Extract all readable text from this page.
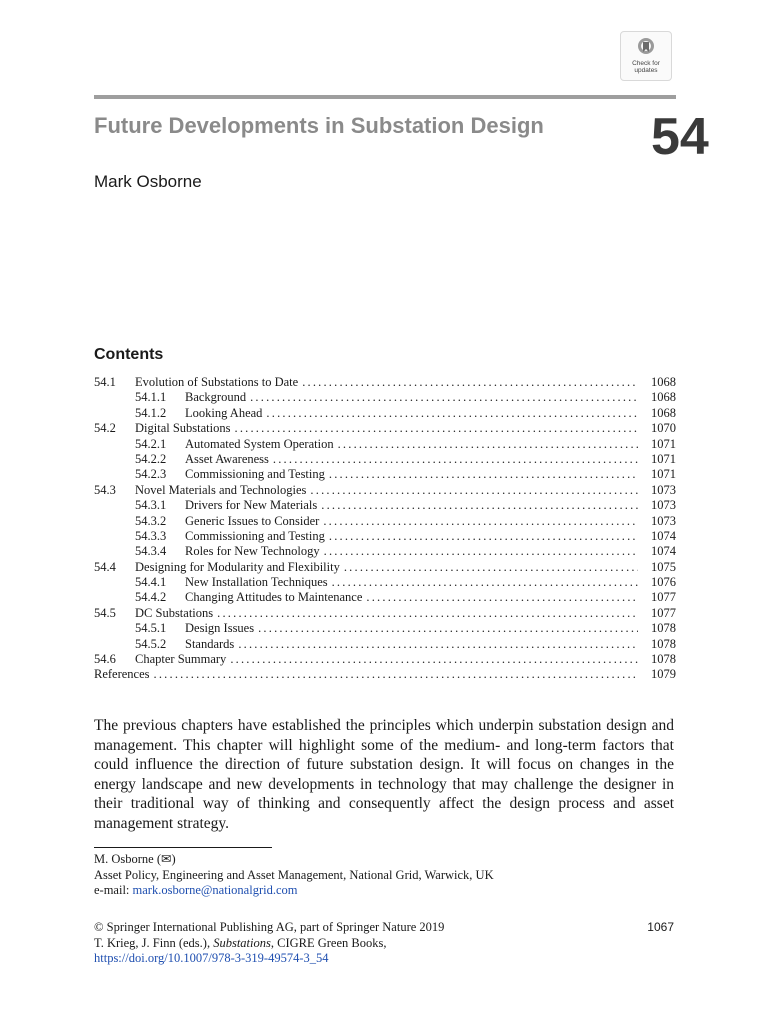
Check for
updates
Future Developments in Substation Design 54
Mark Osborne
Contents
54.1	Evolution of Substations to Date .....	1068
54.1.1	Background .....	1068
54.1.2	Looking Ahead .....	1068
54.2	Digital Substations .....	1070
54.2.1	Automated System Operation .....	1071
54.2.2	Asset Awareness .....	1071
54.2.3	Commissioning and Testing .....	1071
54.3	Novel Materials and Technologies .....	1073
54.3.1	Drivers for New Materials .....	1073
54.3.2	Generic Issues to Consider .....	1073
54.3.3	Commissioning and Testing .....	1074
54.3.4	Roles for New Technology .....	1074
54.4	Designing for Modularity and Flexibility .....	1075
54.4.1	New Installation Techniques .....	1076
54.4.2	Changing Attitudes to Maintenance .....	1077
54.5	DC Substations .....	1077
54.5.1	Design Issues .....	1078
54.5.2	Standards .....	1078
54.6	Chapter Summary .....	1078
References .....	1079

The previous chapters have established the principles which underpin substation design and management. This chapter will highlight some of the medium- and long-term factors that could influence the direction of future substation design. It will focus on changes in the energy landscape and new developments in technology that may challenge the designer in their traditional way of thinking and consequently affect the design process and asset management strategy.

M. Osborne (✉)
Asset Policy, Engineering and Asset Management, National Grid, Warwick, UK
e-mail: mark.osborne@nationalgrid.com
1067
© Springer International Publishing AG, part of Springer Nature 2019
T. Krieg, J. Finn (eds.), Substations, CIGRE Green Books,
https://doi.org/10.1007/978-3-319-49574-3_54
